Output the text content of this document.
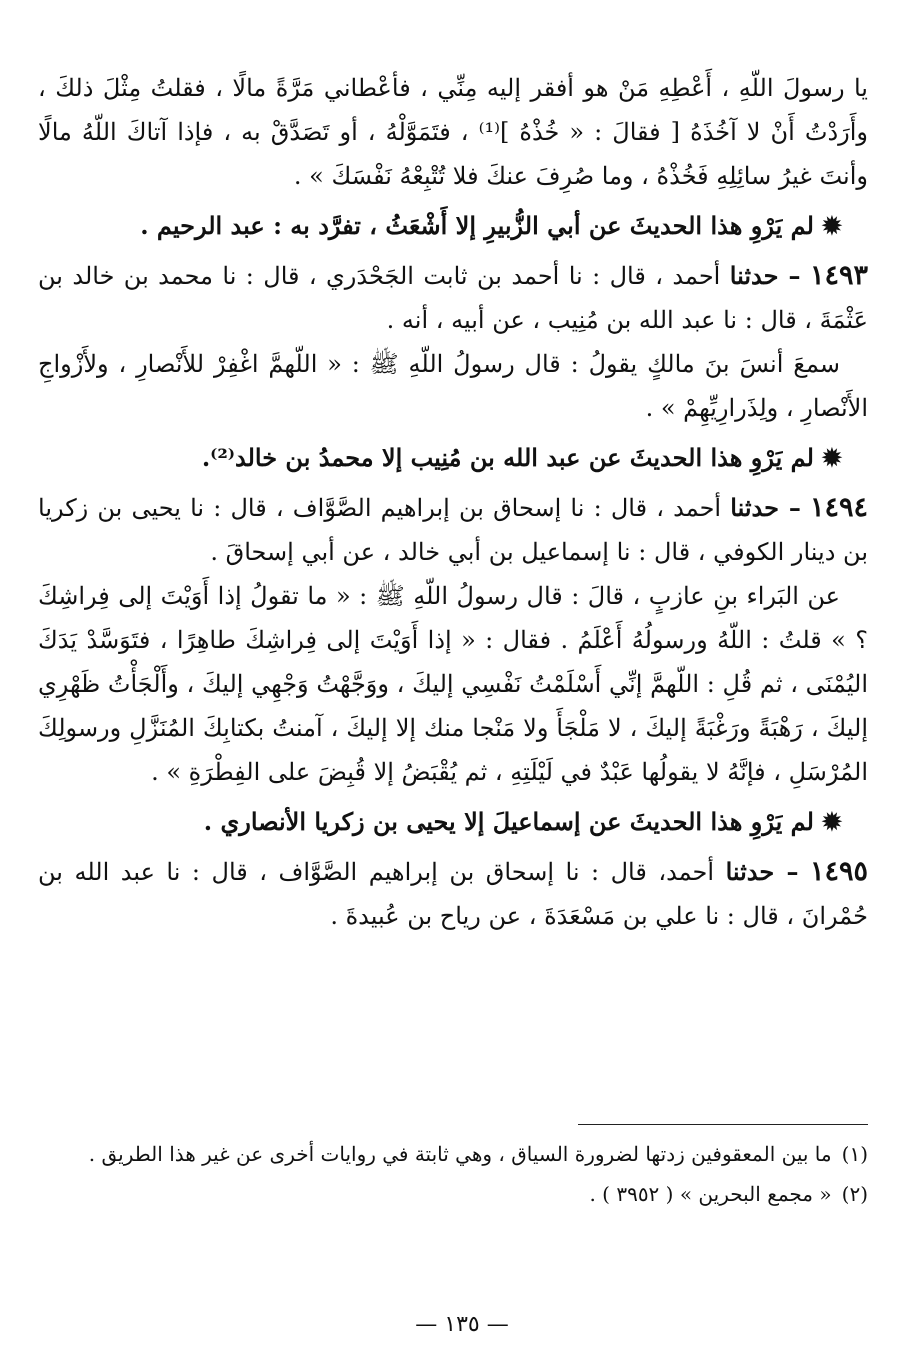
يا رسولَ اللّهِ ، أَعْطِهِ مَنْ هو أفقر إليه مِنِّي ، فأعْطاني مَرَّةً مالًا ، فقلتُ مِثْلَ ذلكَ ، وأَرَدْتُ أَنْ لا آخُذَهُ [ فقالَ : « خُذْهُ ]⁽¹⁾ ، فتَمَوَّلْهُ ، أو تَصَدَّقْ به ، فإذا آتاكَ اللّهُ مالًا وأنتَ غيرُ سائِلِهِ فَخُذْهُ ، وما صُرِفَ عنكَ فلا تُتْبِعْهُ نَفْسَكَ » .

✹لم يَرْوِ هذا الحديثَ عن أبي الزُّبيرِ إلا أَشْعَثُ ، تفرَّد به : عبد الرحيم .

١٤٩٣ – حدثنا أحمد ، قال : نا أحمد بن ثابت الجَحْدَري ، قال : نا محمد بن خالد بن عَثْمَةَ ، قال : نا عبد الله بن مُنِيب ، عن أبيه ، أنه .

سمعَ أنسَ بنَ مالكٍ يقولُ : قال رسولُ اللّهِ ﷺ : « اللّهمَّ اغْفِرْ للأَنْصارِ ، ولأَزْواجِ الأَنْصارِ ، ولِذَرارِيِّهِمْ » .

✹لم يَرْوِ هذا الحديثَ عن عبد الله بن مُنِيب إلا محمدُ بن خالد⁽²⁾.

١٤٩٤ – حدثنا أحمد ، قال : نا إسحاق بن إبراهيم الصَّوَّاف ، قال : نا يحيى بن زكريا بن دينار الكوفي ، قال : نا إسماعيل بن أبي خالد ، عن أبي إسحاقَ .

عن البَراء بنِ عازبٍ ، قالَ : قال رسولُ اللّهِ ﷺ : « ما تقولُ إذا أَوَيْتَ إلى فِراشِكَ ؟ » قلتُ : اللّهُ ورسولُهُ أَعْلَمُ . فقال : « إذا أَوَيْتَ إلى فِراشِكَ طاهِرًا ، فتَوَسَّدْ يَدَكَ اليُمْنَى ، ثم قُلِ : اللّهمَّ إنِّي أَسْلَمْتُ نَفْسِي إليكَ ، ووَجَّهْتُ وَجْهِي إليكَ ، وأَلْجَأْتُ ظَهْرِي إليكَ ، رَهْبَةً ورَغْبَةً إليكَ ، لا مَلْجَأَ ولا مَنْجا منك إلا إليكَ ، آمنتُ بكتابِكَ المُنَزَّلِ ورسولِكَ المُرْسَلِ ، فإنَّهُ لا يقولُها عَبْدٌ في لَيْلَتِهِ ، ثم يُقْبَضُ إلا قُبِضَ على الفِطْرَةِ » .

✹لم يَرْوِ هذا الحديثَ عن إسماعيلَ إلا يحيى بن زكريا الأنصاري .

١٤٩٥ – حدثنا أحمد، قال : نا إسحاق بن إبراهيم الصَّوَّاف ، قال : نا عبد الله بن حُمْرانَ ، قال : نا علي بن مَسْعَدَةَ ، عن رياح بن عُبيدةَ .

(١)ما بين المعقوفين زدتها لضرورة السياق ، وهي ثابتة في روايات أخرى عن غير هذا الطريق .

(٢)« مجمع البحرين » ( ٣٩٥٢ ) .

— ١٣٥ —
